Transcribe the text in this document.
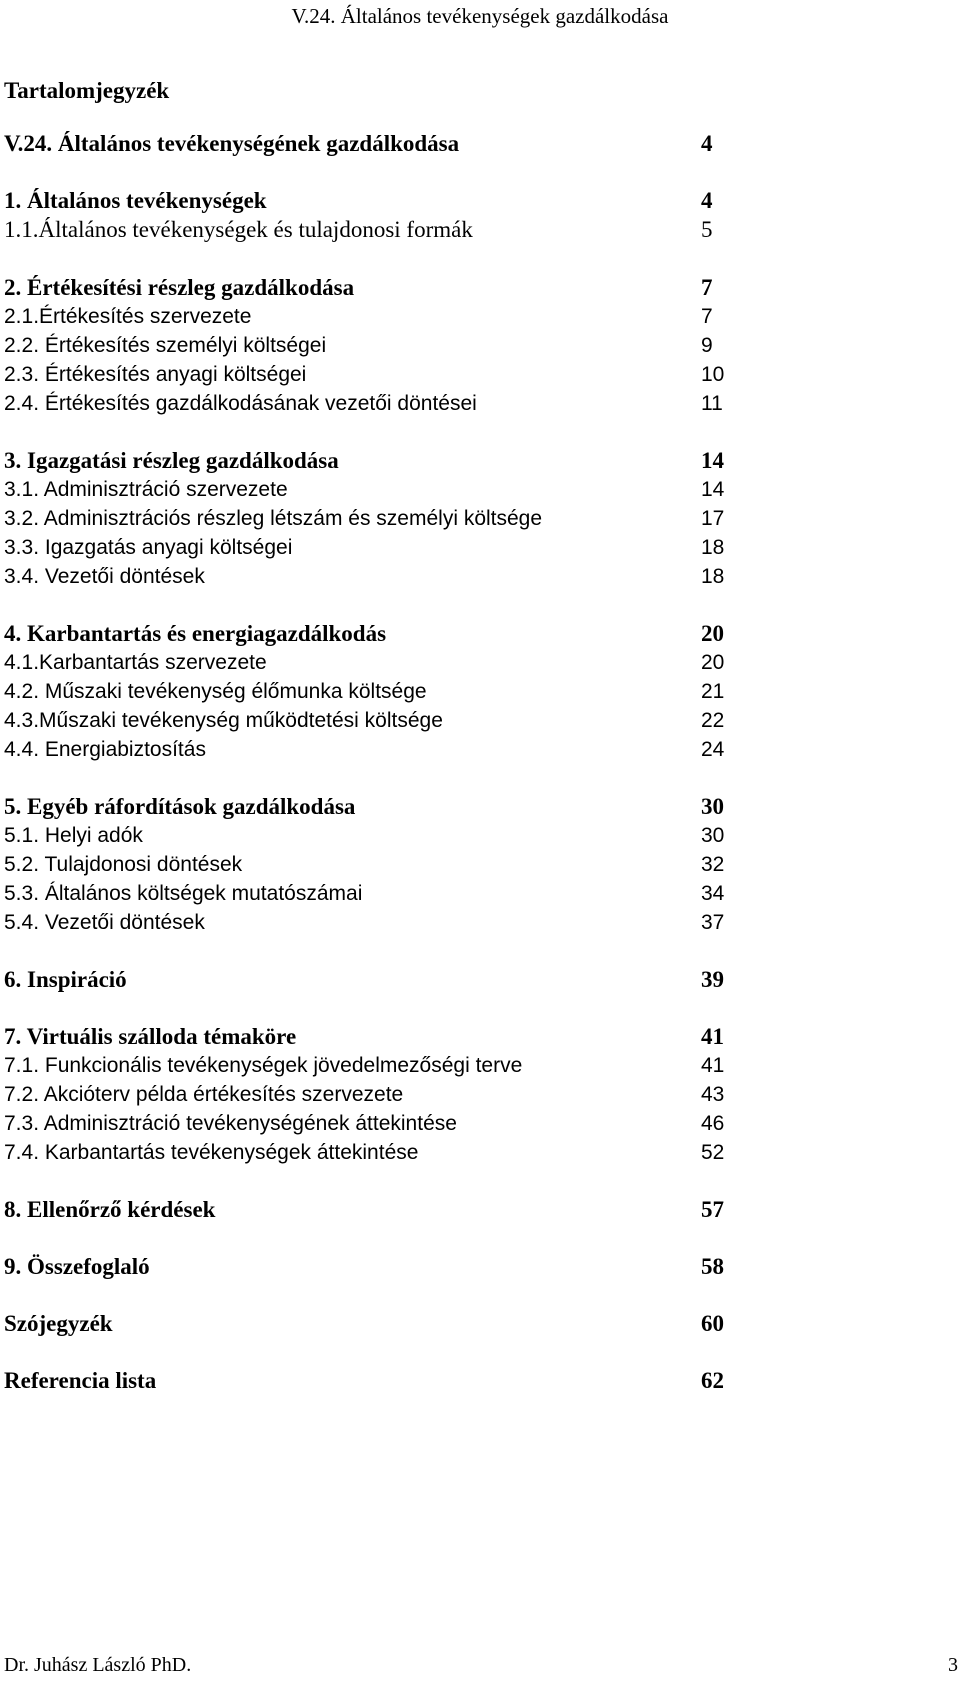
V.24. Általános tevékenységek gazdálkodása
Tartalomjegyzék
V.24. Általános tevékenységének gazdálkodása	4
1. Általános tevékenységek	4
1.1.Általános tevékenységek és tulajdonosi formák	5
2. Értékesítési részleg gazdálkodása	7
2.1.Értékesítés szervezete	7
2.2. Értékesítés személyi költségei	9
2.3. Értékesítés anyagi költségei	10
2.4. Értékesítés gazdálkodásának vezetői döntései	11
3. Igazgatási részleg gazdálkodása	14
3.1. Adminisztráció szervezete	14
3.2. Adminisztrációs részleg létszám és személyi költsége	17
3.3. Igazgatás anyagi költségei	18
3.4. Vezetői döntések	18
4. Karbantartás és energiagazdálkodás	20
4.1.Karbantartás szervezete	20
4.2. Műszaki tevékenység élőmunka költsége	21
4.3.Műszaki tevékenység működtetési költsége	22
4.4. Energiabiztosítás	24
5. Egyéb ráfordítások gazdálkodása	30
5.1. Helyi adók	30
5.2. Tulajdonosi döntések	32
5.3. Általános költségek mutatószámai	34
5.4. Vezetői döntések	37
6. Inspiráció	39
7. Virtuális szálloda témaköre	41
7.1. Funkcionális tevékenységek jövedelmezőségi terve	41
7.2. Akcióterv példa értékesítés szervezete	43
7.3. Adminisztráció tevékenységének áttekintése	46
7.4. Karbantartás tevékenységek áttekintése	52
8. Ellenőrző kérdések	57
9. Összefoglaló	58
Szójegyzék	60
Referencia lista	62
Dr. Juhász László PhD.	3
